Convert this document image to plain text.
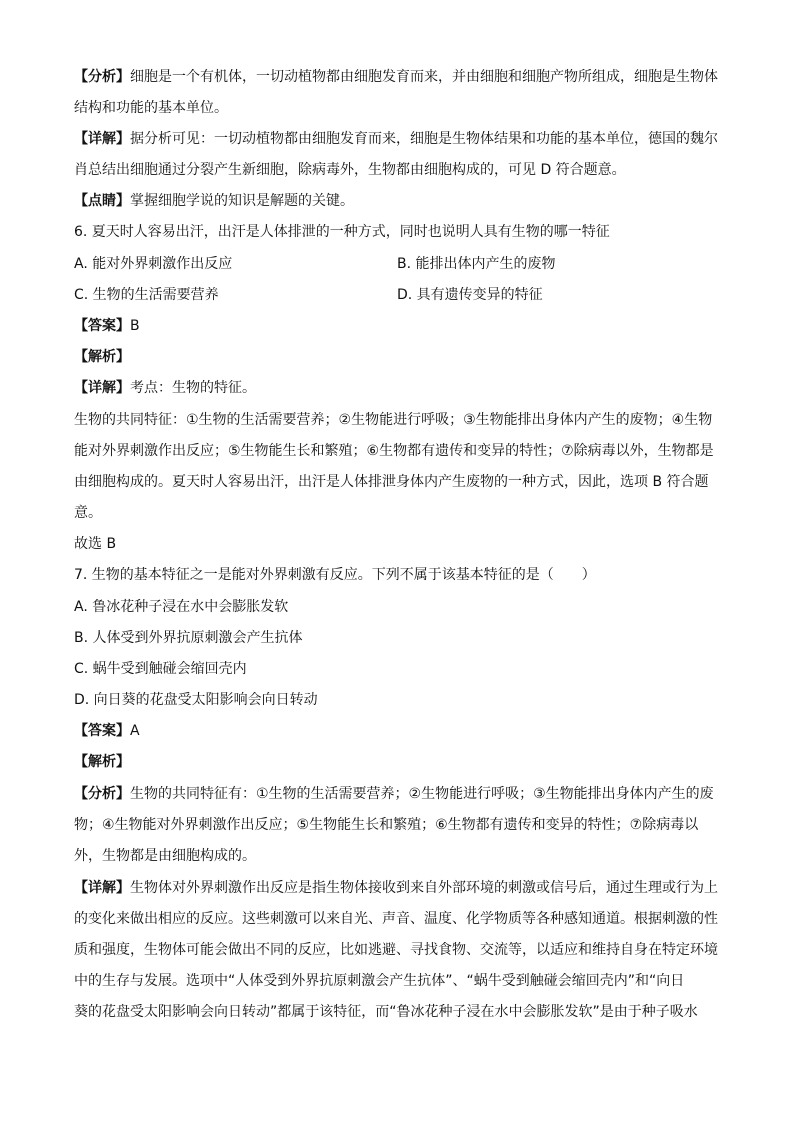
【分析】细胞是一个有机体，一切动植物都由细胞发育而来，并由细胞和细胞产物所组成，细胞是生物体
结构和功能的基本单位。
【详解】据分析可见：一切动植物都由细胞发育而来，细胞是生物体结果和功能的基本单位，德国的魏尔
肖总结出细胞通过分裂产生新细胞，除病毒外，生物都由细胞构成的，可见 D 符合题意。
【点睛】掌握细胞学说的知识是解题的关键。
6. 夏天时人容易出汗，出汗是人体排泄的一种方式，同时也说明人具有生物的哪一特征
A. 能对外界刺激作出反应	B. 能排出体内产生的废物
C. 生物的生活需要营养	D. 具有遗传变异的特征
【答案】B
【解析】
【详解】考点：生物的特征。
生物的共同特征：①生物的生活需要营养；②生物能进行呼吸；③生物能排出身体内产生的废物；④生物
能对外界刺激作出反应；⑤生物能生长和繁殖；⑥生物都有遗传和变异的特性；⑦除病毒以外，生物都是
由细胞构成的。夏天时人容易出汗，出汗是人体排泄身体内产生废物的一种方式，因此，选项 B 符合题
意。
故选 B
7. 生物的基本特征之一是能对外界刺激有反应。下列不属于该基本特征的是（　　）
A. 鲁冰花种子浸在水中会膨胀发软
B. 人体受到外界抗原刺激会产生抗体
C. 蜗牛受到触碰会缩回壳内
D. 向日葵的花盘受太阳影响会向日转动
【答案】A
【解析】
【分析】生物的共同特征有：①生物的生活需要营养；②生物能进行呼吸；③生物能排出身体内产生的废
物；④生物能对外界刺激作出反应；⑤生物能生长和繁殖；⑥生物都有遗传和变异的特性；⑦除病毒以
外，生物都是由细胞构成的。
【详解】生物体对外界刺激作出反应是指生物体接收到来自外部环境的刺激或信号后，通过生理或行为上
的变化来做出相应的反应。这些刺激可以来自光、声音、温度、化学物质等各种感知通道。根据刺激的性
质和强度，生物体可能会做出不同的反应，比如逃避、寻找食物、交流等，以适应和维持自身在特定环境
中的生存与发展。选项中“人体受到外界抗原刺激会产生抗体”、“蜗牛受到触碰会缩回壳内”和“向日
葵的花盘受太阳影响会向日转动”都属于该特征，而“鲁冰花种子浸在水中会膨胀发软”是由于种子吸水
